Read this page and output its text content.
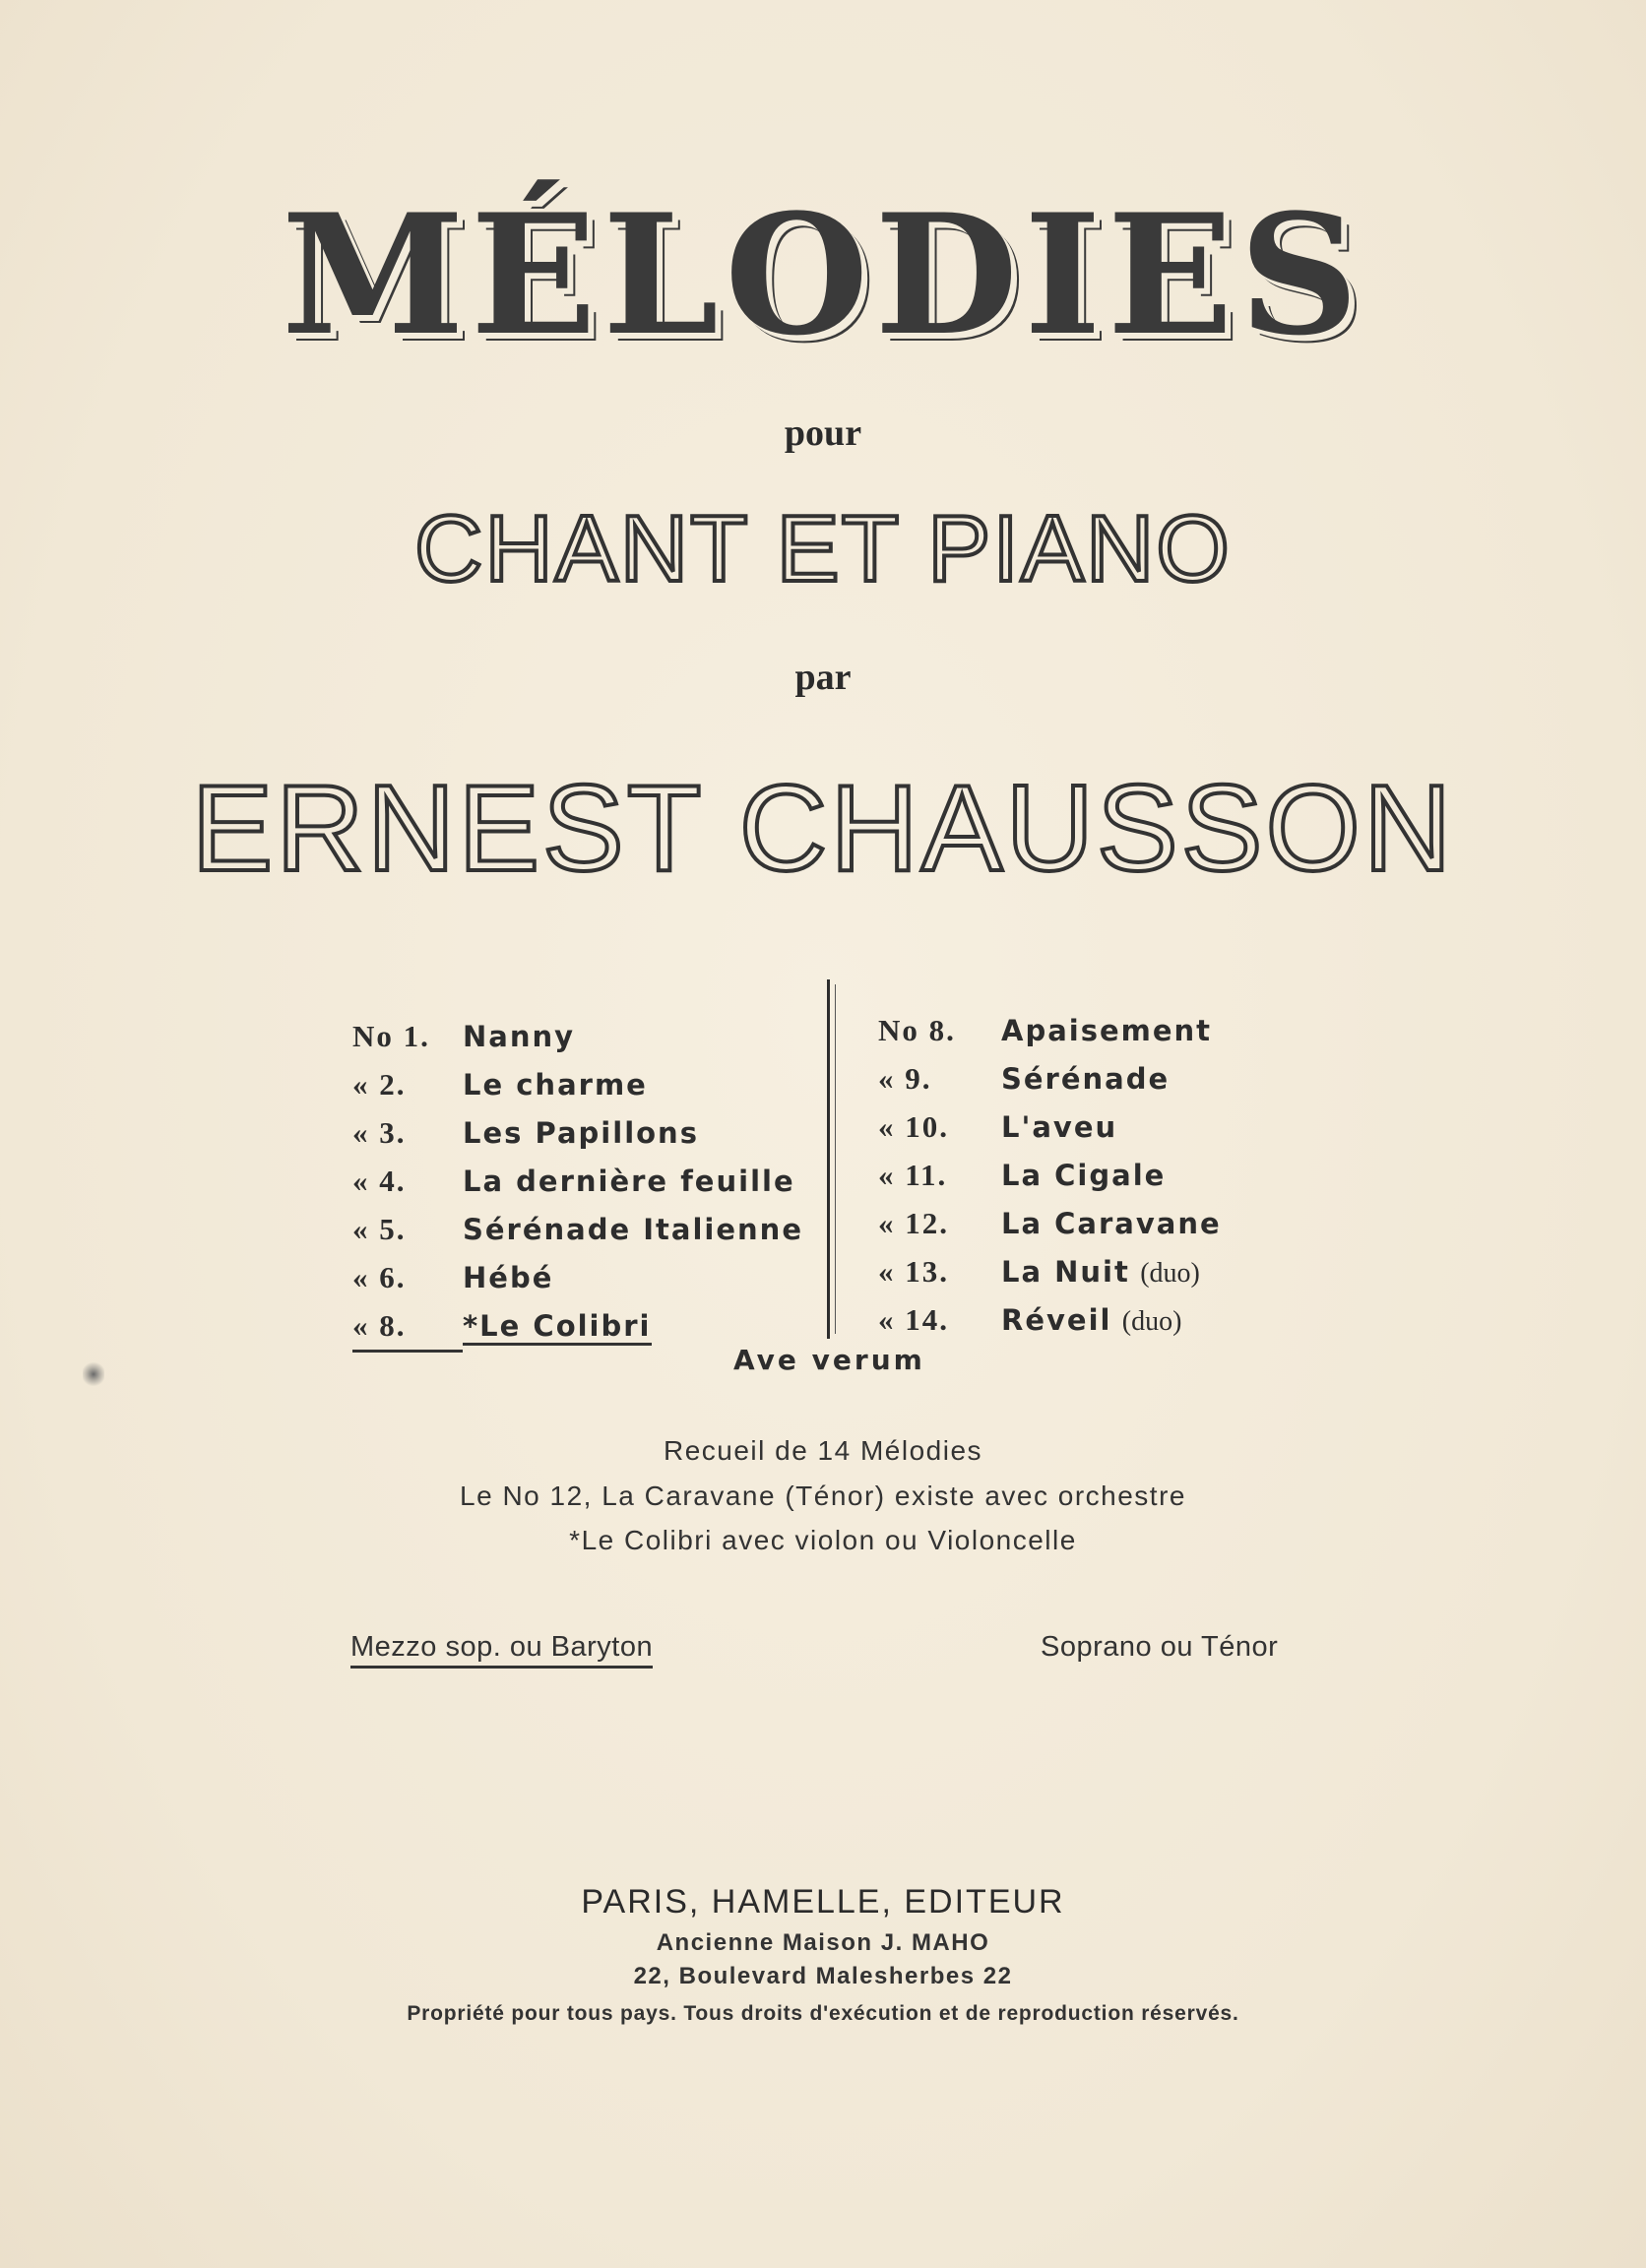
MÉLODIES
pour
CHANT ET PIANO
par
ERNEST CHAUSSON
No 1. Nanny
« 2. Le charme
« 3. Les Papillons
« 4. La dernière feuille
« 5. Sérénade Italienne
« 6. Hébé
« 8. *Le Colibri
No 8. Apaisement
« 9. Sérénade
« 10. L'aveu
« 11. La Cigale
« 12. La Caravane
« 13. La Nuit (duo)
« 14. Réveil (duo)
Ave verum
Recueil de 14 Mélodies
Le No 12, La Caravane (Ténor) existe avec orchestre
*Le Colibri avec violon ou Violoncelle
Mezzo sop. ou Baryton	Soprano ou Ténor
PARIS, HAMELLE, EDITEUR
Ancienne Maison J. MAHO
22, Boulevard Malesherbes 22
Propriété pour tous pays. Tous droits d'exécution et de reproduction réservés.
